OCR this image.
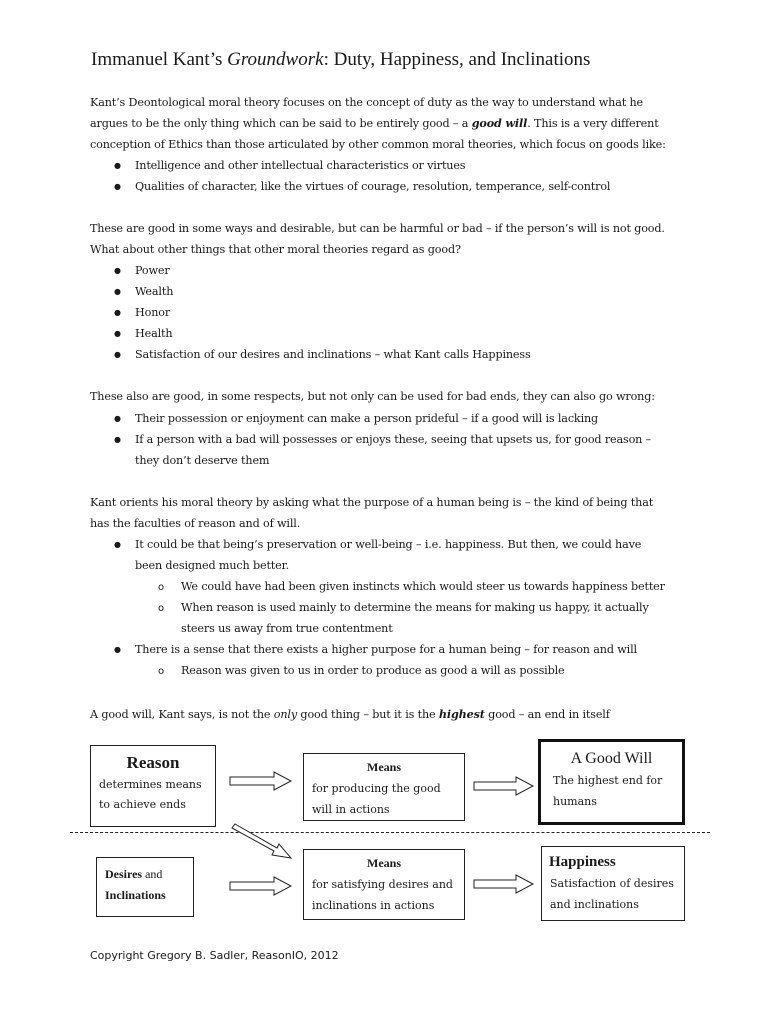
Immanuel Kant’s Groundwork: Duty, Happiness, and Inclinations
Kant’s Deontological moral theory focuses on the concept of duty as the way to understand what he
argues to be the only thing which can be said to be entirely good – a good will. This is a very different
conception of Ethics than those articulated by other common moral theories, which focus on goods like:
● Intelligence and other intellectual characteristics or virtues
● Qualities of character, like the virtues of courage, resolution, temperance, self-control
These are good in some ways and desirable, but can be harmful or bad – if the person’s will is not good.
What about other things that other moral theories regard as good?
● Power
● Wealth
● Honor
● Health
● Satisfaction of our desires and inclinations – what Kant calls Happiness
These also are good, in some respects, but not only can be used for bad ends, they can also go wrong:
● Their possession or enjoyment can make a person prideful – if a good will is lacking
● If a person with a bad will possesses or enjoys these, seeing that upsets us, for good reason –
they don’t deserve them
Kant orients his moral theory by asking what the purpose of a human being is – the kind of being that
has the faculties of reason and of will.
● It could be that being’s preservation or well-being – i.e. happiness. But then, we could have
been designed much better.
o We could have had been given instincts which would steer us towards happiness better
o When reason is used mainly to determine the means for making us happy, it actually
steers us away from true contentment
● There is a sense that there exists a higher purpose for a human being – for reason and will
o Reason was given to us in order to produce as good a will as possible
A good will, Kant says, is not the only good thing – but it is the highest good – an end in itself
Reason
determines means
to achieve ends
Means
for producing the good
will in actions
A Good Will
The highest end for
humans
Desires and
Inclinations
Means
for satisfying desires and
inclinations in actions
Happiness
Satisfaction of desires
and inclinations
Copyright Gregory B. Sadler, ReasonIO, 2012
